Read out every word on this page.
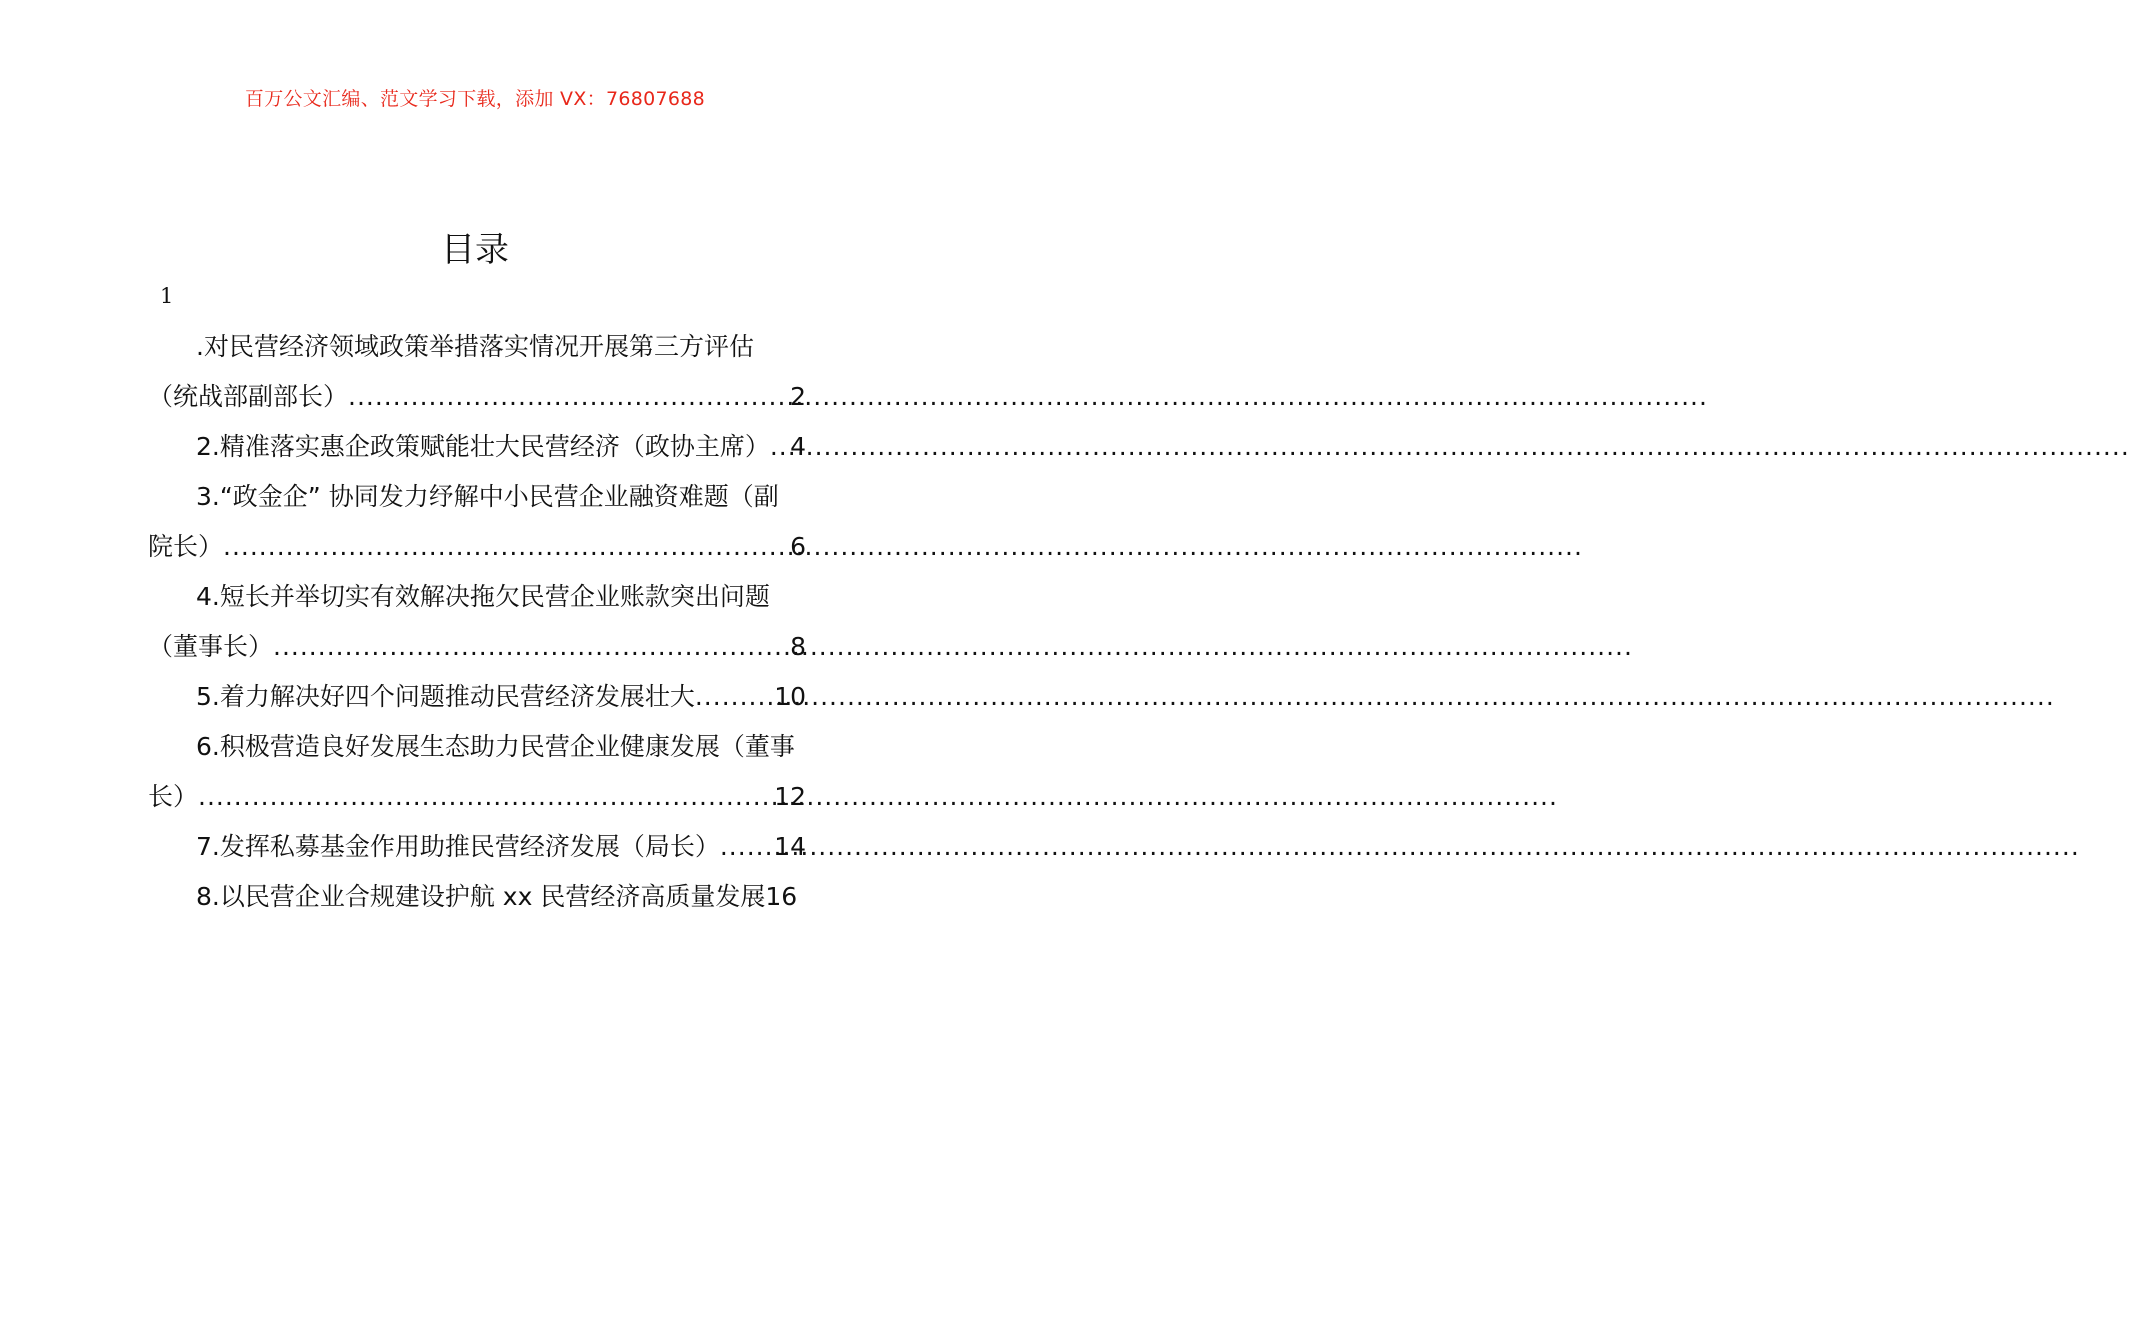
百万公文汇编、范文学习下载，添加 VX：76807688
目录
1
.对民营经济领域政策举措落实情况开展第三方评估
（统战部副部长） .....	2
2.精准落实惠企政策赋能壮大民营经济（政协主席） ..... 4
3.“政金企” 协同发力纾解中小民营企业融资难题（副
院长） .....	6
4.短长并举切实有效解决拖欠民营企业账款突出问题
（董事长） .....	8
5.着力解决好四个问题推动民营经济发展壮大 .....	10
6.积极营造良好发展生态助力民营企业健康发展（董事
长） .....	12
7.发挥私募基金作用助推民营经济发展（局长） ..... 14
8.以民营企业合规建设护航 xx 民营经济高质量发展 16
